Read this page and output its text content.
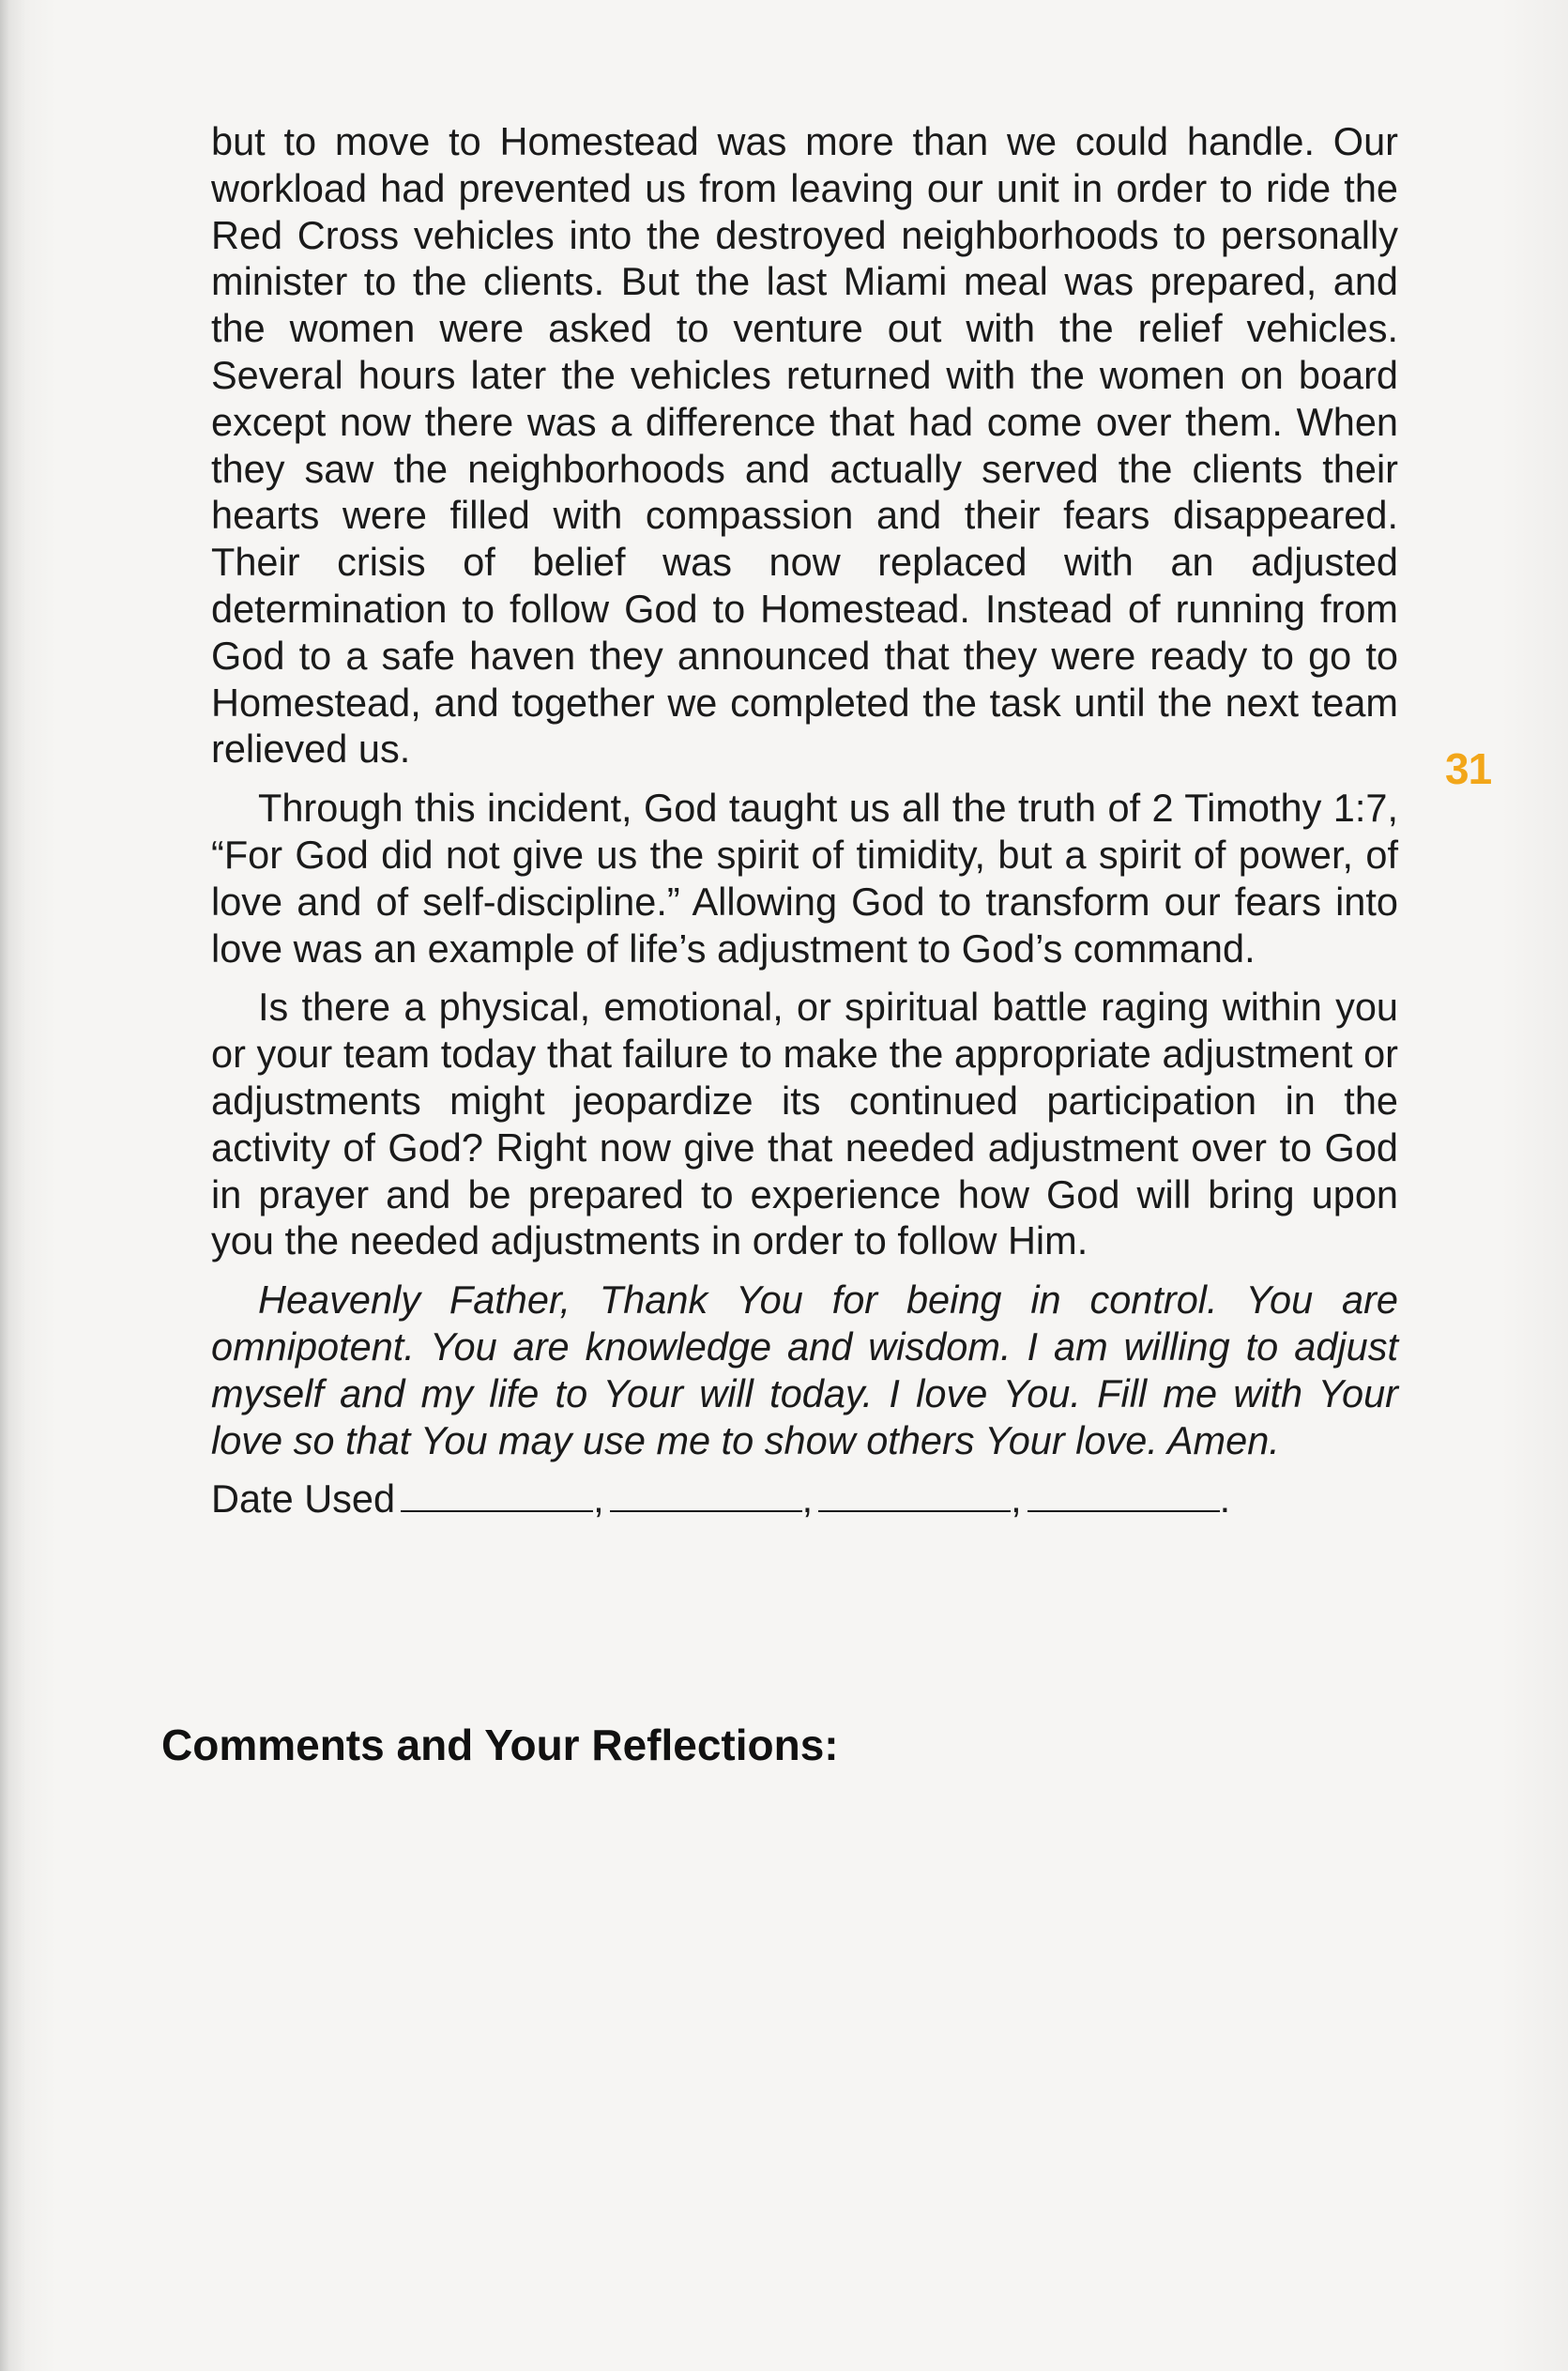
but to move to Homestead was more than we could handle. Our workload had prevented us from leaving our unit in order to ride the Red Cross vehicles into the destroyed neighborhoods to personally minister to the clients. But the last Miami meal was prepared, and the women were asked to venture out with the relief vehicles. Several hours later the vehicles returned with the women on board except now there was a difference that had come over them. When they saw the neighborhoods and actually served the clients their hearts were filled with compassion and their fears disappeared. Their crisis of belief was now replaced with an adjusted determination to follow God to Homestead. Instead of running from God to a safe haven they announced that they were ready to go to Homestead, and together we completed the task until the next team relieved us.

Through this incident, God taught us all the truth of 2 Timothy 1:7, “For God did not give us the spirit of timidity, but a spirit of power, of love and of self-discipline.” Allowing God to transform our fears into love was an example of life’s adjustment to God’s command.

Is there a physical, emotional, or spiritual battle raging within you or your team today that failure to make the appropriate adjustment or adjustments might jeopardize its continued participation in the activity of God? Right now give that needed adjustment over to God in prayer and be prepared to experience how God will bring upon you the needed adjustments in order to follow Him.

Heavenly Father, Thank You for being in control. You are omnipotent. You are knowledge and wisdom. I am willing to adjust myself and my life to Your will today. I love You. Fill me with Your love so that You may use me to show others Your love. Amen.

Date Used	,	,	,	.

Comments and Your Reflections:
31
